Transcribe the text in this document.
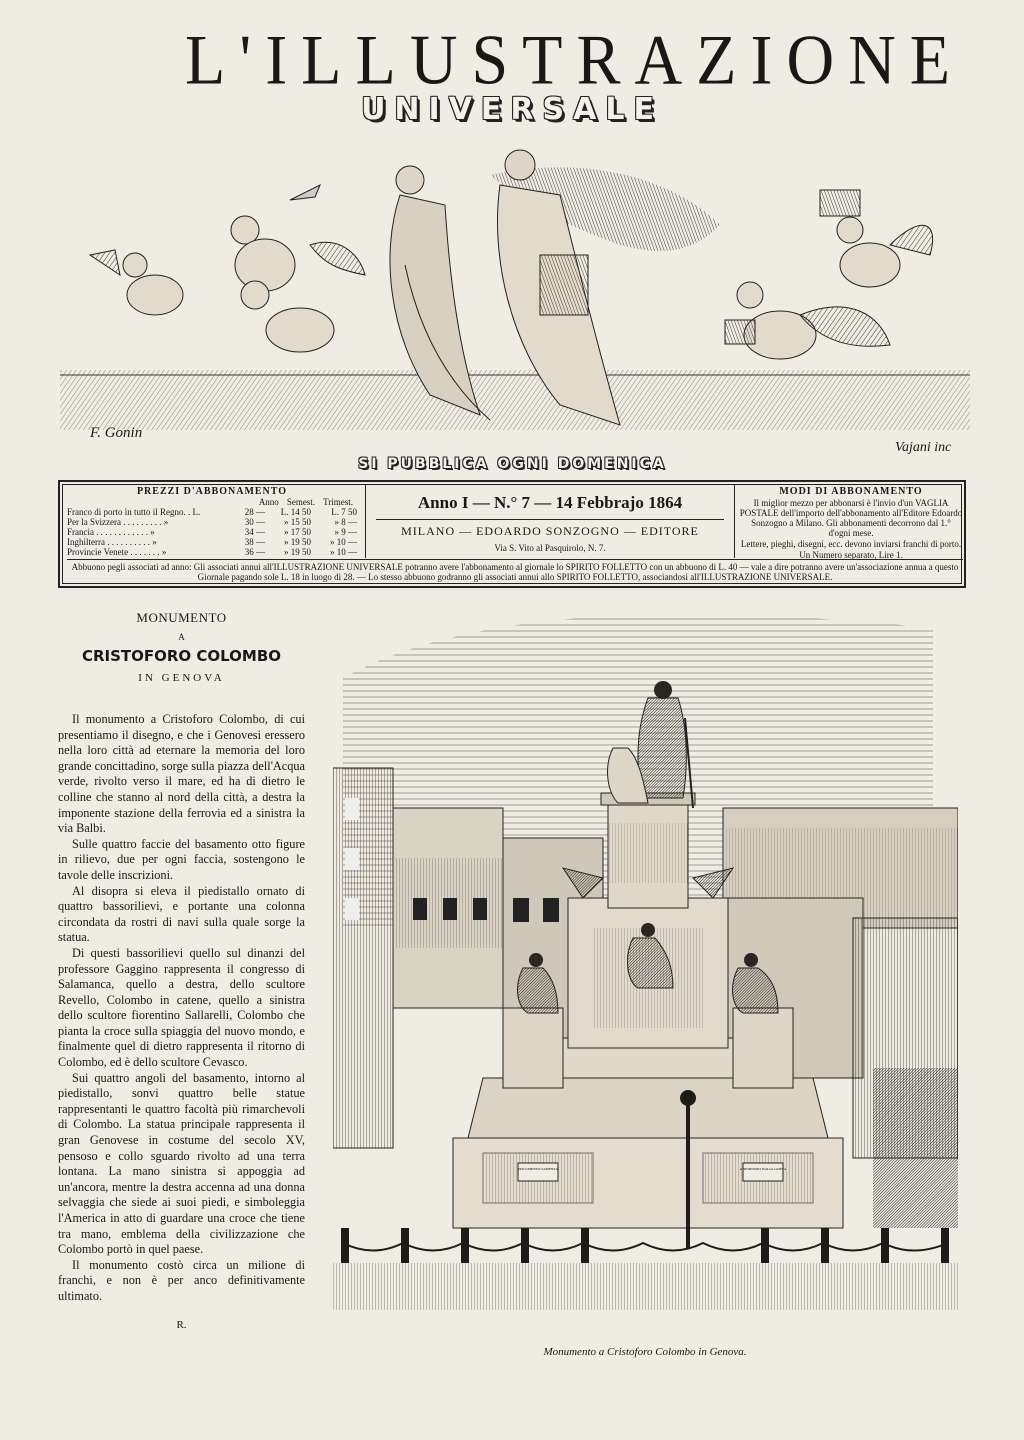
L'ILLUSTRAZIONE
UNIVERSALE
F. Gonin
Vajani inc
SI PUBBLICA OGNI DOMENICA
PREZZI D'ABBONAMENTO
Anno Semest. Trimest.
Franco di porto in tutto il Regno. . L.	28 —	L. 14 50	L. 7 50
Per la Svizzera . . . . . . . . . »	30 —	» 15 50	» 8 —
Francia . . . . . . . . . . . . »	34 —	» 17 50	» 9 —
Inghilterra . . . . . . . . . . »	38 —	» 19 50	» 10 —
Provincie Venete . . . . . . . »	36 —	» 19 50	» 10 —
Anno I — N.° 7 — 14 Febbrajo 1864
MILANO — EDOARDO SONZOGNO — EDITORE
Via S. Vito al Pasquirolo, N. 7.
MODI DI ABBONAMENTO

Il miglior mezzo per abbonarsi è l'invio d'un VAGLIA POSTALE dell'importo dell'abbonamento all'Editore Edoardo Sonzogno a Milano. Gli abbonamenti decorrono dal 1.° d'ogni mese.

Lettere, pieghi, disegni, ecc. devono inviarsi franchi di porto.

Un Numero separato, Lire 1.

Abbuono pegli associati ad anno: Gli associati annui all'ILLUSTRAZIONE UNIVERSALE potranno avere l'abbonamento al giornale lo SPIRITO FOLLETTO con un abbuono di L. 40 — vale a dire potranno avere un'associazione annua a questo Giornale pagando sole L. 18 in luogo di 28. — Lo stesso abbuono godranno gli associati annui allo SPIRITO FOLLETTO, associandosi all'ILLUSTRAZIONE UNIVERSALE.
MONUMENTO
A
CRISTOFORO COLOMBO
IN GENOVA

Il monumento a Cristoforo Colombo, di cui presentiamo il disegno, e che i Genovesi eressero nella loro città ad eternare la memoria del loro grande concittadino, sorge sulla piazza dell'Acqua verde, rivolto verso il mare, ed ha di dietro le colline che stanno al nord della città, a destra la imponente stazione della ferrovia ed a sinistra la via Balbi.

Sulle quattro faccie del basamento otto figure in rilievo, due per ogni faccia, sostengono le tavole delle inscrizioni.

Al disopra si eleva il piedistallo ornato di quattro bassorilievi, e portante una colonna circondata da rostri di navi sulla quale sorge la statua.

Di questi bassorilievi quello sul dinanzi del professore Gaggino rappresenta il congresso di Salamanca, quello a destra, dello scultore Revello, Colombo in catene, quello a sinistra dello scultore fiorentino Sallarelli, Colombo che pianta la croce sulla spiaggia del nuovo mondo, e finalmente quel di dietro rappresenta il ritorno di Colombo, ed è dello scultore Cevasco.

Sui quattro angoli del basamento, intorno al piedistallo, sonvi quattro belle statue rappresentanti le quattro facoltà più rimarchevoli di Colombo. La statua principale rappresenta il gran Genovese in costume del secolo XV, pensoso e collo sguardo rivolto ad una terra lontana. La mano sinistra si appoggia ad un'ancora, mentre la destra accenna ad una donna selvaggia che siede ai suoi piedi, e simboleggia l'America in atto di guardare una croce che tiene tra mano, emblema della civilizzazione che Colombo portò in quel paese.

Il monumento costò circa un milione di franchi, e non è per anco definitivamente ultimato.

R.
DOCUMENTO SAPIENZA	A NEDESIMO ITALIA LATINA
Monumento a Cristoforo Colombo in Genova.
